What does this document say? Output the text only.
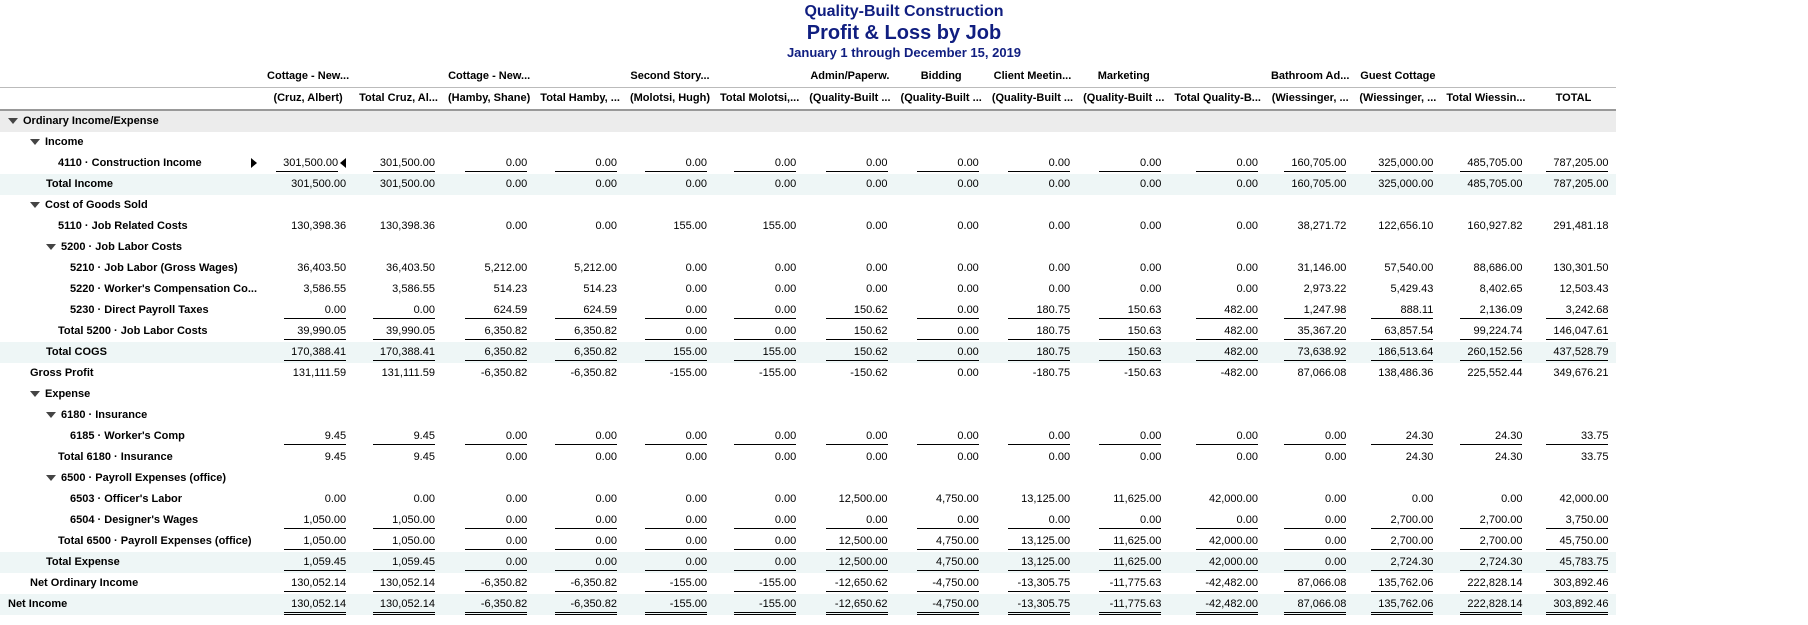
Quality-Built Construction
Profit & Loss by Job
January 1 through December 15, 2019
	Cottage - New...		Cottage - New...		Second Story...		Admin/Paperw.	Bidding	Client Meetin...	Marketing		Bathroom Ad...	Guest Cottage		
	(Cruz, Albert)	Total Cruz, Al...	(Hamby, Shane)	Total Hamby, ...	(Molotsi, Hugh)	Total Molotsi,...	(Quality-Built ...	(Quality-Built ...	(Quality-Built ...	(Quality-Built ...	Total Quality-B...	(Wiessinger, ...	(Wiessinger, ...	Total Wiessin...	TOTAL
Ordinary Income/Expense															
Income															
4110 · Construction Income	301,500.00	301,500.00	0.00	0.00	0.00	0.00	0.00	0.00	0.00	0.00	0.00	160,705.00	325,000.00	485,705.00	787,205.00
Total Income	301,500.00	301,500.00	0.00	0.00	0.00	0.00	0.00	0.00	0.00	0.00	0.00	160,705.00	325,000.00	485,705.00	787,205.00
Cost of Goods Sold															
5110 · Job Related Costs	130,398.36	130,398.36	0.00	0.00	155.00	155.00	0.00	0.00	0.00	0.00	0.00	38,271.72	122,656.10	160,927.82	291,481.18
5200 · Job Labor Costs															
5210 · Job Labor (Gross Wages)	36,403.50	36,403.50	5,212.00	5,212.00	0.00	0.00	0.00	0.00	0.00	0.00	0.00	31,146.00	57,540.00	88,686.00	130,301.50
5220 · Worker's Compensation Co...	3,586.55	3,586.55	514.23	514.23	0.00	0.00	0.00	0.00	0.00	0.00	0.00	2,973.22	5,429.43	8,402.65	12,503.43
5230 · Direct Payroll Taxes	0.00	0.00	624.59	624.59	0.00	0.00	150.62	0.00	180.75	150.63	482.00	1,247.98	888.11	2,136.09	3,242.68
Total 5200 · Job Labor Costs	39,990.05	39,990.05	6,350.82	6,350.82	0.00	0.00	150.62	0.00	180.75	150.63	482.00	35,367.20	63,857.54	99,224.74	146,047.61
Total COGS	170,388.41	170,388.41	6,350.82	6,350.82	155.00	155.00	150.62	0.00	180.75	150.63	482.00	73,638.92	186,513.64	260,152.56	437,528.79
Gross Profit	131,111.59	131,111.59	-6,350.82	-6,350.82	-155.00	-155.00	-150.62	0.00	-180.75	-150.63	-482.00	87,066.08	138,486.36	225,552.44	349,676.21
Expense															
6180 · Insurance															
6185 · Worker's Comp	9.45	9.45	0.00	0.00	0.00	0.00	0.00	0.00	0.00	0.00	0.00	0.00	24.30	24.30	33.75
Total 6180 · Insurance	9.45	9.45	0.00	0.00	0.00	0.00	0.00	0.00	0.00	0.00	0.00	0.00	24.30	24.30	33.75
6500 · Payroll Expenses (office)															
6503 · Officer's Labor	0.00	0.00	0.00	0.00	0.00	0.00	12,500.00	4,750.00	13,125.00	11,625.00	42,000.00	0.00	0.00	0.00	42,000.00
6504 · Designer's Wages	1,050.00	1,050.00	0.00	0.00	0.00	0.00	0.00	0.00	0.00	0.00	0.00	0.00	2,700.00	2,700.00	3,750.00
Total 6500 · Payroll Expenses (office)	1,050.00	1,050.00	0.00	0.00	0.00	0.00	12,500.00	4,750.00	13,125.00	11,625.00	42,000.00	0.00	2,700.00	2,700.00	45,750.00
Total Expense	1,059.45	1,059.45	0.00	0.00	0.00	0.00	12,500.00	4,750.00	13,125.00	11,625.00	42,000.00	0.00	2,724.30	2,724.30	45,783.75
Net Ordinary Income	130,052.14	130,052.14	-6,350.82	-6,350.82	-155.00	-155.00	-12,650.62	-4,750.00	-13,305.75	-11,775.63	-42,482.00	87,066.08	135,762.06	222,828.14	303,892.46
Net Income	130,052.14	130,052.14	-6,350.82	-6,350.82	-155.00	-155.00	-12,650.62	-4,750.00	-13,305.75	-11,775.63	-42,482.00	87,066.08	135,762.06	222,828.14	303,892.46
